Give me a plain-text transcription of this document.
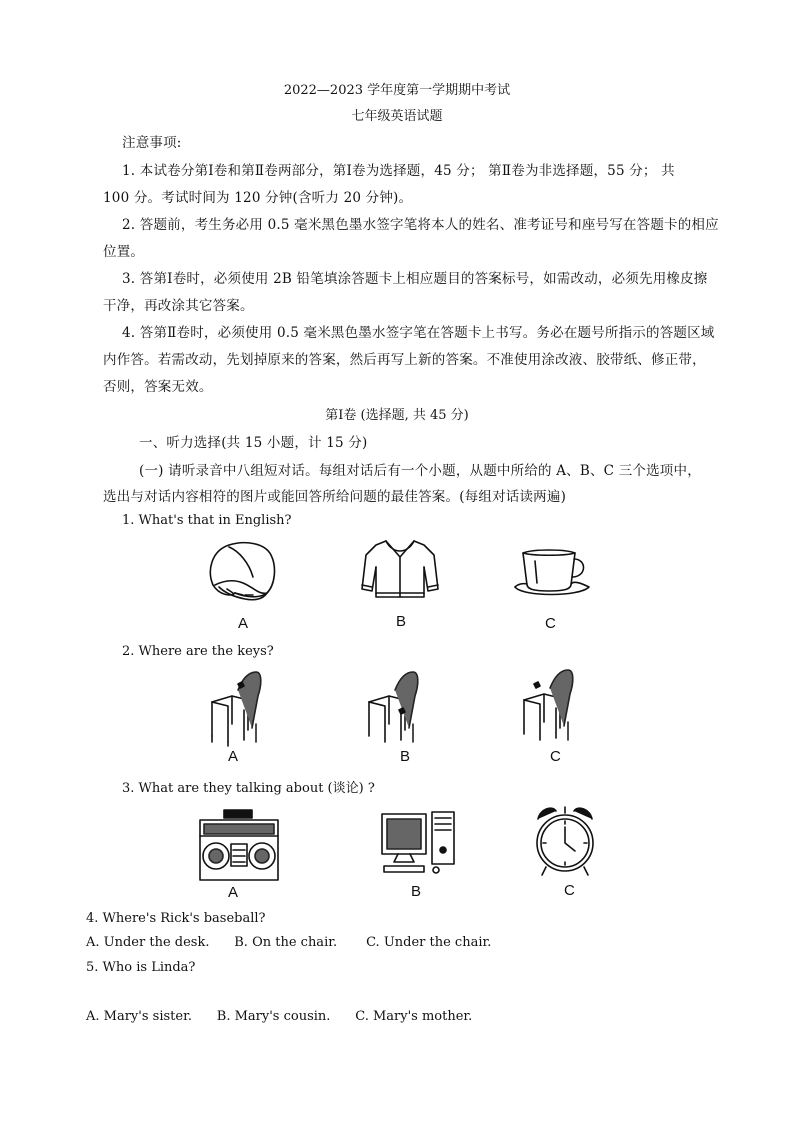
2022—2023 学年度第一学期期中考试
七年级英语试题
注意事项:
1. 本试卷分第Ⅰ卷和第Ⅱ卷两部分，第Ⅰ卷为选择题，45 分； 第Ⅱ卷为非选择题，55 分； 共
100 分。考试时间为 120 分钟(含听力 20 分钟)。
2. 答题前，考生务必用 0.5 毫米黑色墨水签字笔将本人的姓名、准考证号和座号写在答题卡的相应
位置。
3. 答第Ⅰ卷时，必须使用 2B 铅笔填涂答题卡上相应题目的答案标号，如需改动，必须先用橡皮擦
干净，再改涂其它答案。
4. 答第Ⅱ卷时，必须使用 0.5 毫米黑色墨水签字笔在答题卡上书写。务必在题号所指示的答题区域
内作答。若需改动，先划掉原来的答案，然后再写上新的答案。不准使用涂改液、胶带纸、修正带，
否则，答案无效。
第Ⅰ卷 (选择题, 共 45 分)
一、听力选择(共 15 小题，计 15 分)
(一) 请听录音中八组短对话。每组对话后有一个小题，从题中所给的 A、B、C 三个选项中，
选出与对话内容相符的图片或能回答所给问题的最佳答案。(每组对话读两遍)
1. What's that in English?
A	B	C
2. Where are the keys?
A	B	C
3. What are they talking about (谈论) ?
A	B	C
4. Where's Rick's baseball?
A. Under the desk.      B. On the chair.       C. Under the chair.
5. Who is Linda?
A. Mary's sister.      B. Mary's cousin.      C. Mary's mother.
